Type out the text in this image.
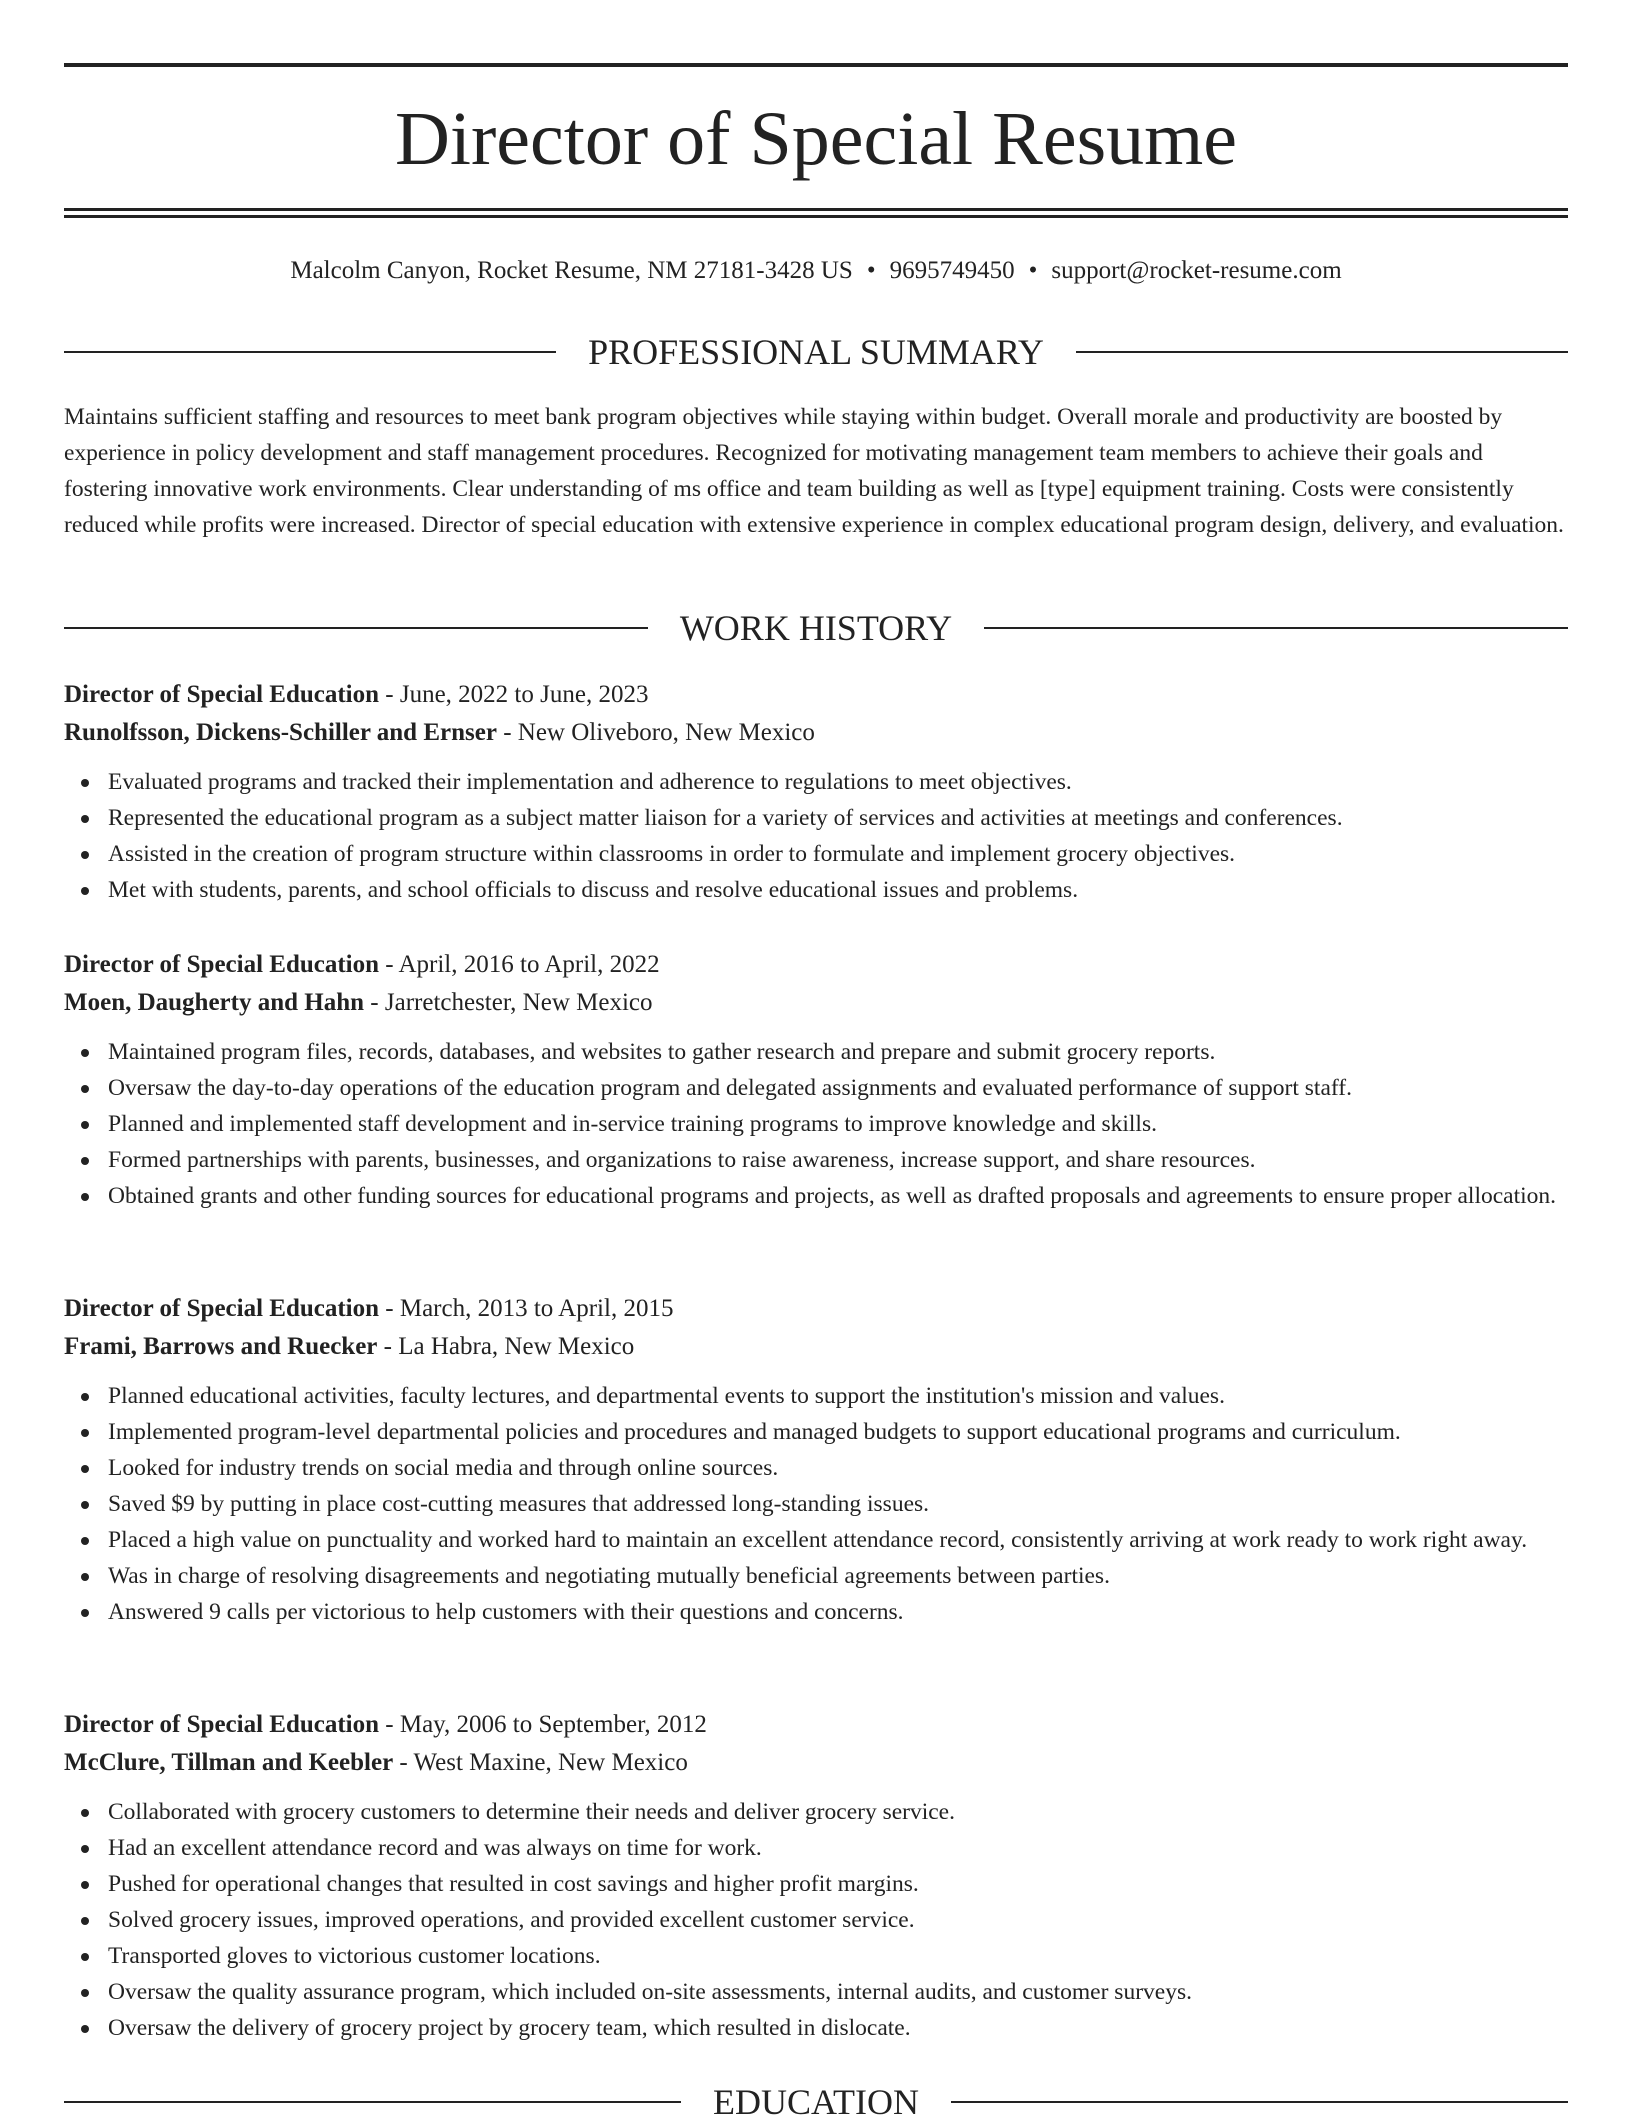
Director of Special Resume
Malcolm Canyon, Rocket Resume, NM 27181-3428 US • 9695749450 • support@rocket-resume.com
PROFESSIONAL SUMMARY

Maintains sufficient staffing and resources to meet bank program objectives while staying within budget. Overall morale and productivity are boosted by experience in policy development and staff management procedures. Recognized for motivating management team members to achieve their goals and fostering innovative work environments. Clear understanding of ms office and team building as well as [type] equipment training. Costs were consistently reduced while profits were increased. Director of special education with extensive experience in complex educational program design, delivery, and evaluation.

WORK HISTORY
Director of Special Education - June, 2022 to June, 2023
Runolfsson, Dickens-Schiller and Ernser - New Oliveboro, New Mexico
Evaluated programs and tracked their implementation and adherence to regulations to meet objectives.
Represented the educational program as a subject matter liaison for a variety of services and activities at meetings and conferences.
Assisted in the creation of program structure within classrooms in order to formulate and implement grocery objectives.
Met with students, parents, and school officials to discuss and resolve educational issues and problems.
Director of Special Education - April, 2016 to April, 2022
Moen, Daugherty and Hahn - Jarretchester, New Mexico
Maintained program files, records, databases, and websites to gather research and prepare and submit grocery reports.
Oversaw the day-to-day operations of the education program and delegated assignments and evaluated performance of support staff.
Planned and implemented staff development and in-service training programs to improve knowledge and skills.
Formed partnerships with parents, businesses, and organizations to raise awareness, increase support, and share resources.
Obtained grants and other funding sources for educational programs and projects, as well as drafted proposals and agreements to ensure proper allocation.
Director of Special Education - March, 2013 to April, 2015
Frami, Barrows and Ruecker - La Habra, New Mexico
Planned educational activities, faculty lectures, and departmental events to support the institution's mission and values.
Implemented program-level departmental policies and procedures and managed budgets to support educational programs and curriculum.
Looked for industry trends on social media and through online sources.
Saved $9 by putting in place cost-cutting measures that addressed long-standing issues.
Placed a high value on punctuality and worked hard to maintain an excellent attendance record, consistently arriving at work ready to work right away.
Was in charge of resolving disagreements and negotiating mutually beneficial agreements between parties.
Answered 9 calls per victorious to help customers with their questions and concerns.
Director of Special Education - May, 2006 to September, 2012
McClure, Tillman and Keebler - West Maxine, New Mexico
Collaborated with grocery customers to determine their needs and deliver grocery service.
Had an excellent attendance record and was always on time for work.
Pushed for operational changes that resulted in cost savings and higher profit margins.
Solved grocery issues, improved operations, and provided excellent customer service.
Transported gloves to victorious customer locations.
Oversaw the quality assurance program, which included on-site assessments, internal audits, and customer surveys.
Oversaw the delivery of grocery project by grocery team, which resulted in dislocate.
EDUCATION
